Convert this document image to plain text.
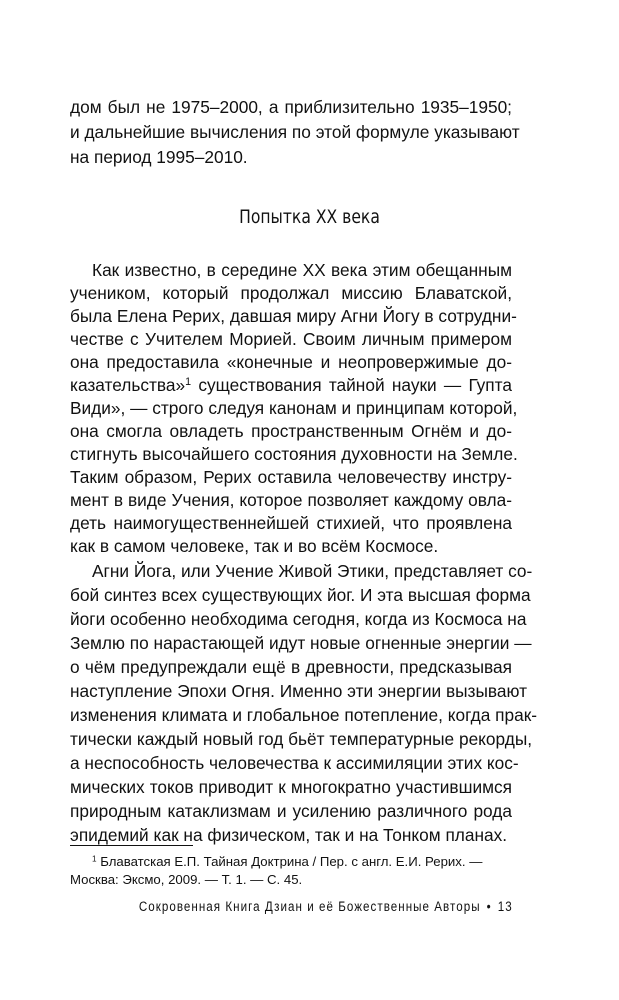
дом был не 1975–2000, а приблизительно 1935–1950;
и дальнейшие вычисления по этой формуле указывают
на период 1995–2010.
Попытка XX века
Как известно, в середине XX века этим обещанным
учеником, который продолжал миссию Блаватской,
была Елена Рерих, давшая миру Агни Йогу в сотрудни-
честве с Учителем Морией. Своим личным примером
она предоставила «конечные и неопровержимые до-
казательства»$^1$ существования тайной науки — Гупта
Види», — строго следуя канонам и принципам которой,
она смогла овладеть пространственным Огнём и до-
стигнуть высочайшего состояния духовности на Земле.
Таким образом, Рерих оставила человечеству инстру-
мент в виде Учения, которое позволяет каждому овла-
деть наимогущественнейшей стихией, что проявлена
как в самом человеке, так и во всём Космосе.
Агни Йога, или Учение Живой Этики, представляет со-
бой синтез всех существующих йог. И эта высшая форма
йоги особенно необходима сегодня, когда из Космоса на
Землю по нарастающей идут новые огненные энергии —
о чём предупреждали ещё в древности, предсказывая
наступление Эпохи Огня. Именно эти энергии вызывают
изменения климата и глобальное потепление, когда прак-
тически каждый новый год бьёт температурные рекорды,
а неспособность человечества к ассимиляции этих кос-
мических токов приводит к многократно участившимся
природным катаклизмам и усилению различного рода
эпидемий как на физическом, так и на Тонком планах.
$^1$ Блаватская Е.П. Тайная Доктрина / Пер. с англ. Е.И. Рерих. —
Москва: Эксмо, 2009. — Т. 1. — С. 45.
Сокровенная Книга Дзиан и её Божественные Авторы • 13
